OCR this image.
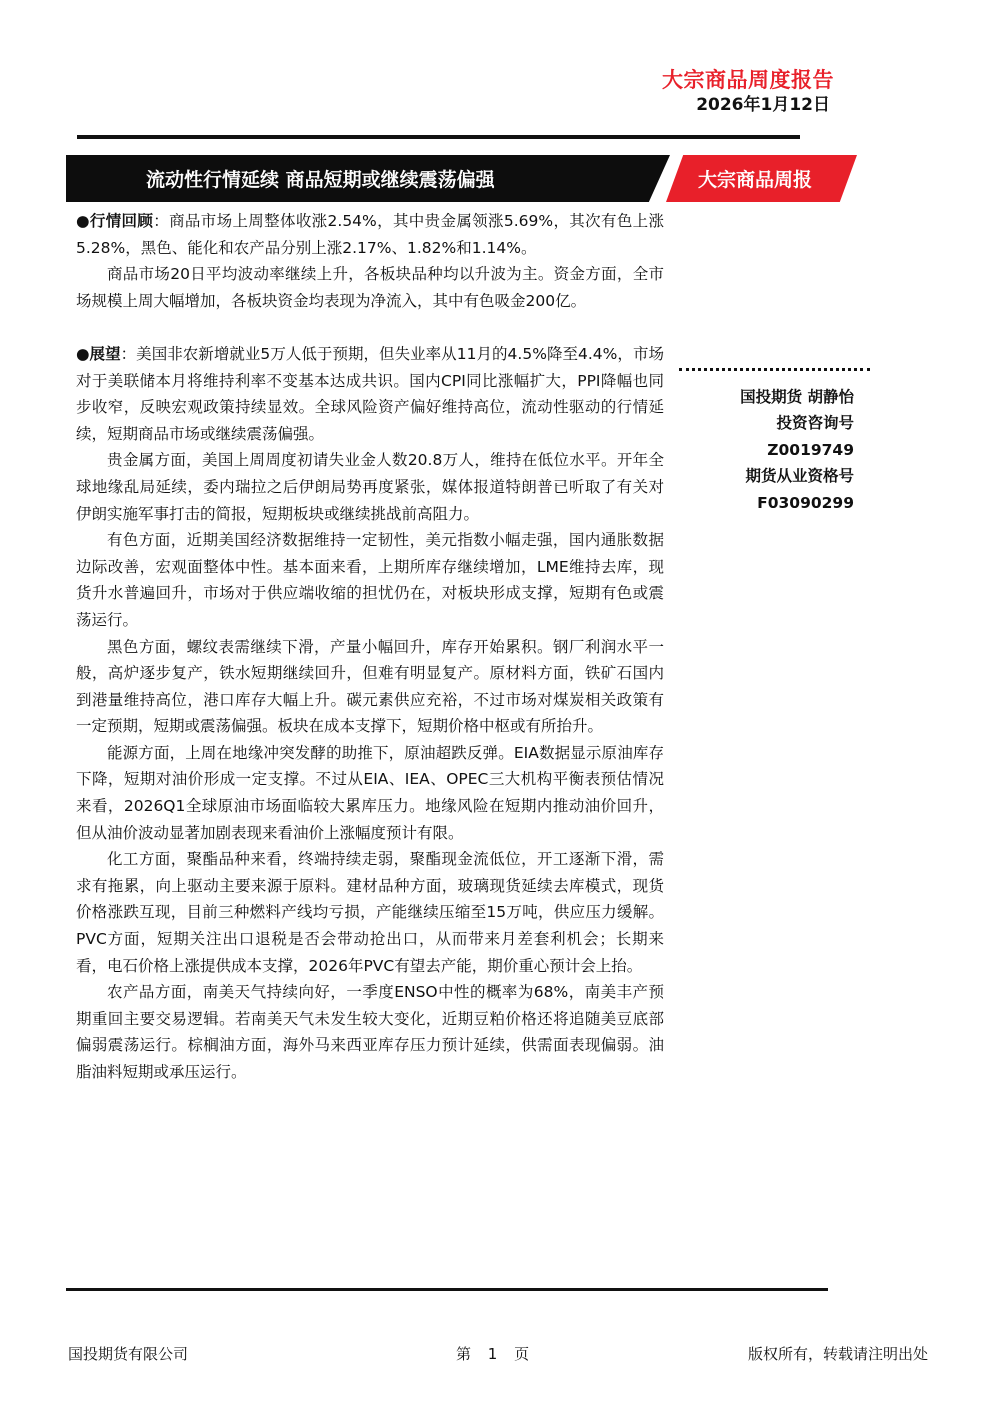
大宗商品周度报告
2026年1月12日
流动性行情延续 商品短期或继续震荡偏强	大宗商品周报

●行情回顾：商品市场上周整体收涨2.54%，其中贵金属领涨5.69%，其次有色上涨5.28%，黑色、能化和农产品分别上涨2.17%、1.82%和1.14%。

商品市场20日平均波动率继续上升，各板块品种均以升波为主。资金方面，全市场规模上周大幅增加，各板块资金均表现为净流入，其中有色吸金200亿。

●展望：美国非农新增就业5万人低于预期，但失业率从11月的4.5%降至4.4%，市场对于美联储本月将维持利率不变基本达成共识。国内CPI同比涨幅扩大，PPI降幅也同步收窄，反映宏观政策持续显效。全球风险资产偏好维持高位，流动性驱动的行情延续，短期商品市场或继续震荡偏强。

贵金属方面，美国上周周度初请失业金人数20.8万人，维持在低位水平。开年全球地缘乱局延续，委内瑞拉之后伊朗局势再度紧张，媒体报道特朗普已听取了有关对伊朗实施军事打击的简报，短期板块或继续挑战前高阻力。

有色方面，近期美国经济数据维持一定韧性，美元指数小幅走强，国内通胀数据边际改善，宏观面整体中性。基本面来看，上期所库存继续增加，LME维持去库，现货升水普遍回升，市场对于供应端收缩的担忧仍在，对板块形成支撑，短期有色或震荡运行。

黑色方面，螺纹表需继续下滑，产量小幅回升，库存开始累积。钢厂利润水平一般，高炉逐步复产，铁水短期继续回升，但难有明显复产。原材料方面，铁矿石国内到港量维持高位，港口库存大幅上升。碳元素供应充裕，不过市场对煤炭相关政策有一定预期，短期或震荡偏强。板块在成本支撑下，短期价格中枢或有所抬升。

能源方面，上周在地缘冲突发酵的助推下，原油超跌反弹。EIA数据显示原油库存下降，短期对油价形成一定支撑。不过从EIA、IEA、OPEC三大机构平衡表预估情况来看，2026Q1全球原油市场面临较大累库压力。地缘风险在短期内推动油价回升，但从油价波动显著加剧表现来看油价上涨幅度预计有限。

化工方面，聚酯品种来看，终端持续走弱，聚酯现金流低位，开工逐渐下滑，需求有拖累，向上驱动主要来源于原料。建材品种方面，玻璃现货延续去库模式，现货价格涨跌互现，目前三种燃料产线均亏损，产能继续压缩至15万吨，供应压力缓解。PVC方面，短期关注出口退税是否会带动抢出口，从而带来月差套利机会；长期来看，电石价格上涨提供成本支撑，2026年PVC有望去产能，期价重心预计会上抬。

农产品方面，南美天气持续向好，一季度ENSO中性的概率为68%，南美丰产预期重回主要交易逻辑。若南美天气未发生较大变化，近期豆粕价格还将追随美豆底部偏弱震荡运行。棕榈油方面，海外马来西亚库存压力预计延续，供需面表现偏弱。油脂油料短期或承压运行。

国投期货 胡静怡
投资咨询号
Z0019749
期货从业资格号
F03090299
国投期货有限公司	第 1 页	版权所有，转载请注明出处
